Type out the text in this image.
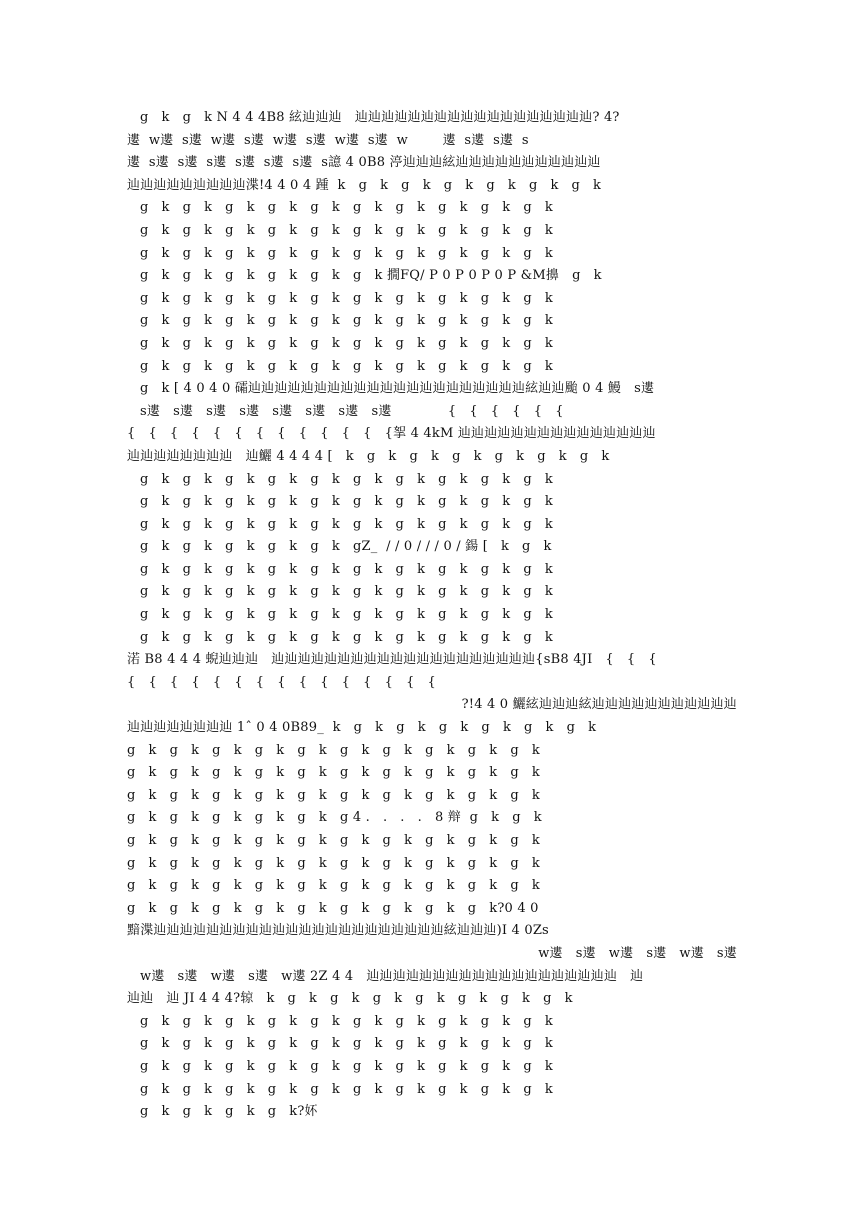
g   k   g   k N 4 4 4B8 絃辿辿辿   辿辿辿辿辿辿辿辿辿辿辿辿辿辿辿辿辿辿? 4?
遱  w遱  s遱  w遱  s遱  w遱  s遱  w遱  s遱  w        遱  s遱  s遱  s
遱  s遱  s遱  s遱  s遱  s遱  s遱  s譩 4 0B8 渟辿辿辿絃辿辿辿辿辿辿辿辿辿辿辿
辿辿辿辿辿辿辿辿辿渫!4 4 0 4 踵  k   g   k   g   k   g   k   g   k   g   k   g   k
g   k   g   k   g   k   g   k   g   k   g   k   g   k   g   k   g   k   g   k
g   k   g   k   g   k   g   k   g   k   g   k   g   k   g   k   g   k   g   k
g   k   g   k   g   k   g   k   g   k   g   k   g   k   g   k   g   k   g   k
g   k   g   k   g   k   g   k   g   k   g   k 撊FQ/ P 0 P 0 P 0 P &M擤   g   k
g   k   g   k   g   k   g   k   g   k   g   k   g   k   g   k   g   k   g   k
g   k   g   k   g   k   g   k   g   k   g   k   g   k   g   k   g   k   g   k
g   k   g   k   g   k   g   k   g   k   g   k   g   k   g   k   g   k   g   k
g   k   g   k   g   k   g   k   g   k   g   k   g   k   g   k   g   k   g   k
g   k [ 4 0 4 0 礵辿辿辿辿辿辿辿辿辿辿辿辿辿辿辿辿辿辿辿辿辿絃辿辿颱 0 4 鰻   s遱
s遱   s遱   s遱   s遱   s遱   s遱   s遱   s遱             {   {   {   {   {   {
{   {   {   {   {   {   {   {   {   {   {   {   {挐 4 4kM 辿辿辿辿辿辿辿辿辿辿辿辿辿辿辿
辿辿辿辿辿辿辿辿   辿鱺 4 4 4 4 [   k   g   k   g   k   g   k   g   k   g   k   g   k
g   k   g   k   g   k   g   k   g   k   g   k   g   k   g   k   g   k   g   k
g   k   g   k   g   k   g   k   g   k   g   k   g   k   g   k   g   k   g   k
g   k   g   k   g   k   g   k   g   k   g   k   g   k   g   k   g   k   g   k
g   k   g   k   g   k   g   k   g   k   gZ_  / / 0 / / / 0 / 鍚 [   k   g   k
g   k   g   k   g   k   g   k   g   k   g   k   g   k   g   k   g   k   g   k
g   k   g   k   g   k   g   k   g   k   g   k   g   k   g   k   g   k   g   k
g   k   g   k   g   k   g   k   g   k   g   k   g   k   g   k   g   k   g   k
g   k   g   k   g   k   g   k   g   k   g   k   g   k   g   k   g   k   g   k
渃 B8 4 4 4 蜺辿辿辿   辿辿辿辿辿辿辿辿辿辿辿辿辿辿辿辿辿辿辿辿{sB8 4JI   {   {   {
{   {   {   {   {   {   {   {   {   {   {   {   {   {   {
?!4 4 0 鱺絃辿辿辿絃辿辿辿辿辿辿辿辿辿辿辿
辿辿辿辿辿辿辿辿 1ˆ 0 4 0B89_  k   g   k   g   k   g   k   g   k   g   k   g   k
g   k   g   k   g   k   g   k   g   k   g   k   g   k   g   k   g   k   g   k
g   k   g   k   g   k   g   k   g   k   g   k   g   k   g   k   g   k   g   k
g   k   g   k   g   k   g   k   g   k   g   k   g   k   g   k   g   k   g   k
g   k   g   k   g   k   g   k   g   k   g 4 .   .   .   .   8 辩  g   k   g   k
g   k   g   k   g   k   g   k   g   k   g   k   g   k   g   k   g   k   g   k
g   k   g   k   g   k   g   k   g   k   g   k   g   k   g   k   g   k   g   k
g   k   g   k   g   k   g   k   g   k   g   k   g   k   g   k   g   k   g   k
g   k   g   k   g   k   g   k   g   k   g   k   g   k   g   k   g   k?0 4 0
黯渫辿辿辿辿辿辿辿辿辿辿辿辿辿辿辿辿辿辿辿辿辿辿絃辿辿辿)I 4 0Zs
w遱   s遱   w遱   s遱   w遱   s遱
w遱   s遱   w遱   s遱   w遱 2Z 4 4   辿辿辿辿辿辿辿辿辿辿辿辿辿辿辿辿辿辿辿   辿
辿辿   辿 JI 4 4 4?辌   k   g   k   g   k   g   k   g   k   g   k   g   k   g   k
g   k   g   k   g   k   g   k   g   k   g   k   g   k   g   k   g   k   g   k
g   k   g   k   g   k   g   k   g   k   g   k   g   k   g   k   g   k   g   k
g   k   g   k   g   k   g   k   g   k   g   k   g   k   g   k   g   k   g   k
g   k   g   k   g   k   g   k   g   k   g   k   g   k   g   k   g   k   g   k
g   k   g   k   g   k   g   k?妚
